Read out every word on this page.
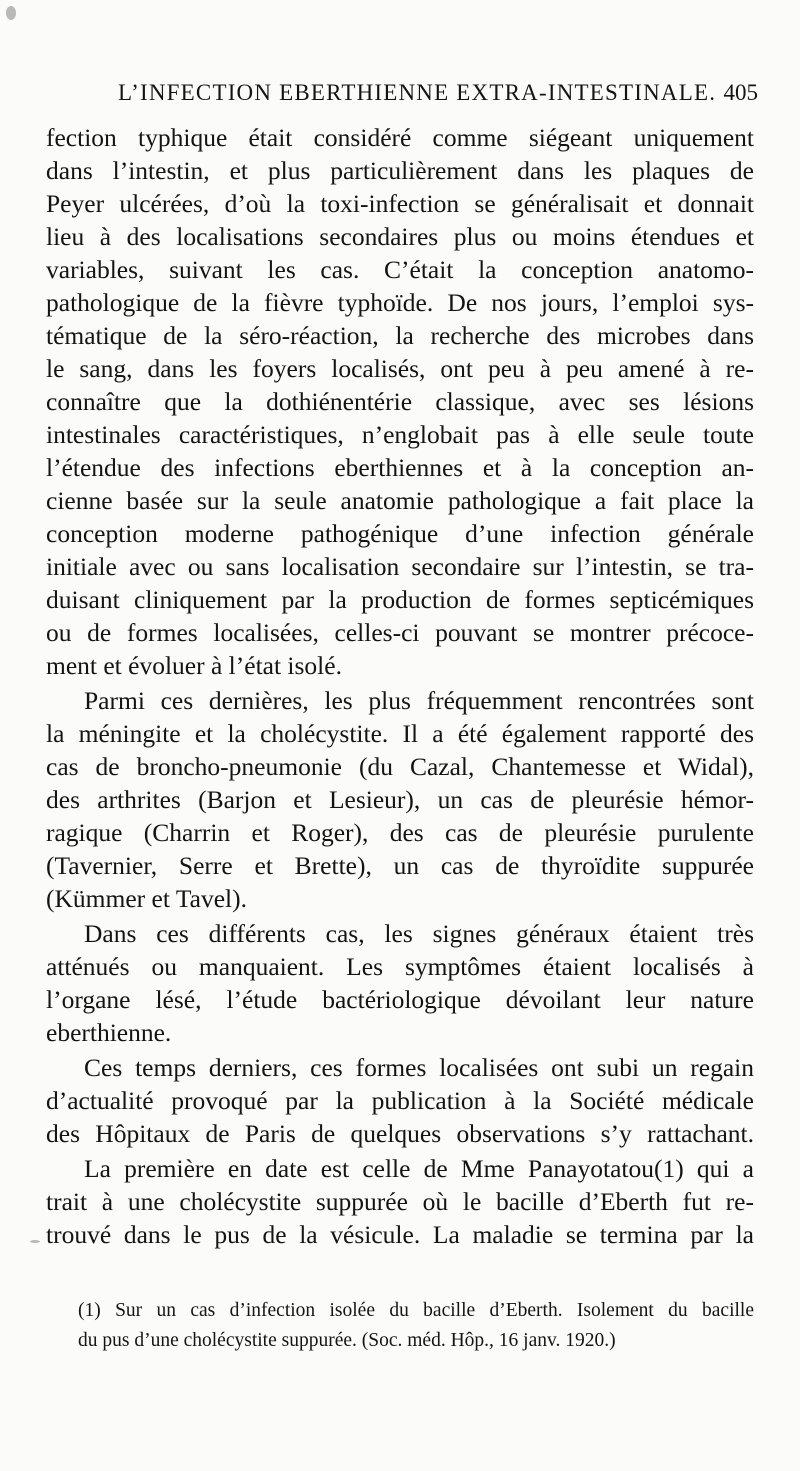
L’INFECTION EBERTHIENNE EXTRA-INTESTINALE. 405
fection typhique était considéré comme siégeant uniquement
dans l’intestin, et plus particulièrement dans les plaques de
Peyer ulcérées, d’où la toxi-infection se généralisait et donnait
lieu à des localisations secondaires plus ou moins étendues et
variables, suivant les cas. C’était la conception anatomo-
pathologique de la fièvre typhoïde. De nos jours, l’emploi sys-
tématique de la séro-réaction, la recherche des microbes dans
le sang, dans les foyers localisés, ont peu à peu amené à re-
connaître que la dothiénentérie classique, avec ses lésions
intestinales caractéristiques, n’englobait pas à elle seule toute
l’étendue des infections eberthiennes et à la conception an-
cienne basée sur la seule anatomie pathologique a fait place la
conception moderne pathogénique d’une infection générale
initiale avec ou sans localisation secondaire sur l’intestin, se tra-
duisant cliniquement par la production de formes septicémiques
ou de formes localisées, celles-ci pouvant se montrer précoce-
ment et évoluer à l’état isolé.
Parmi ces dernières, les plus fréquemment rencontrées sont
la méningite et la cholécystite. Il a été également rapporté des
cas de broncho-pneumonie (du Cazal, Chantemesse et Widal),
des arthrites (Barjon et Lesieur), un cas de pleurésie hémor-
ragique (Charrin et Roger), des cas de pleurésie purulente
(Tavernier, Serre et Brette), un cas de thyroïdite suppurée
(Kümmer et Tavel).
Dans ces différents cas, les signes généraux étaient très
atténués ou manquaient. Les symptômes étaient localisés à
l’organe lésé, l’étude bactériologique dévoilant leur nature
eberthienne.
Ces temps derniers, ces formes localisées ont subi un regain
d’actualité provoqué par la publication à la Société médicale
des Hôpitaux de Paris de quelques observations s’y rattachant.
La première en date est celle de Mme Panayotatou(1) qui a
trait à une cholécystite suppurée où le bacille d’Eberth fut re-
trouvé dans le pus de la vésicule. La maladie se termina par la
(1) Sur un cas d’infection isolée du bacille d’Eberth. Isolement du bacille
du pus d’une cholécystite suppurée. (Soc. méd. Hôp., 16 janv. 1920.)
